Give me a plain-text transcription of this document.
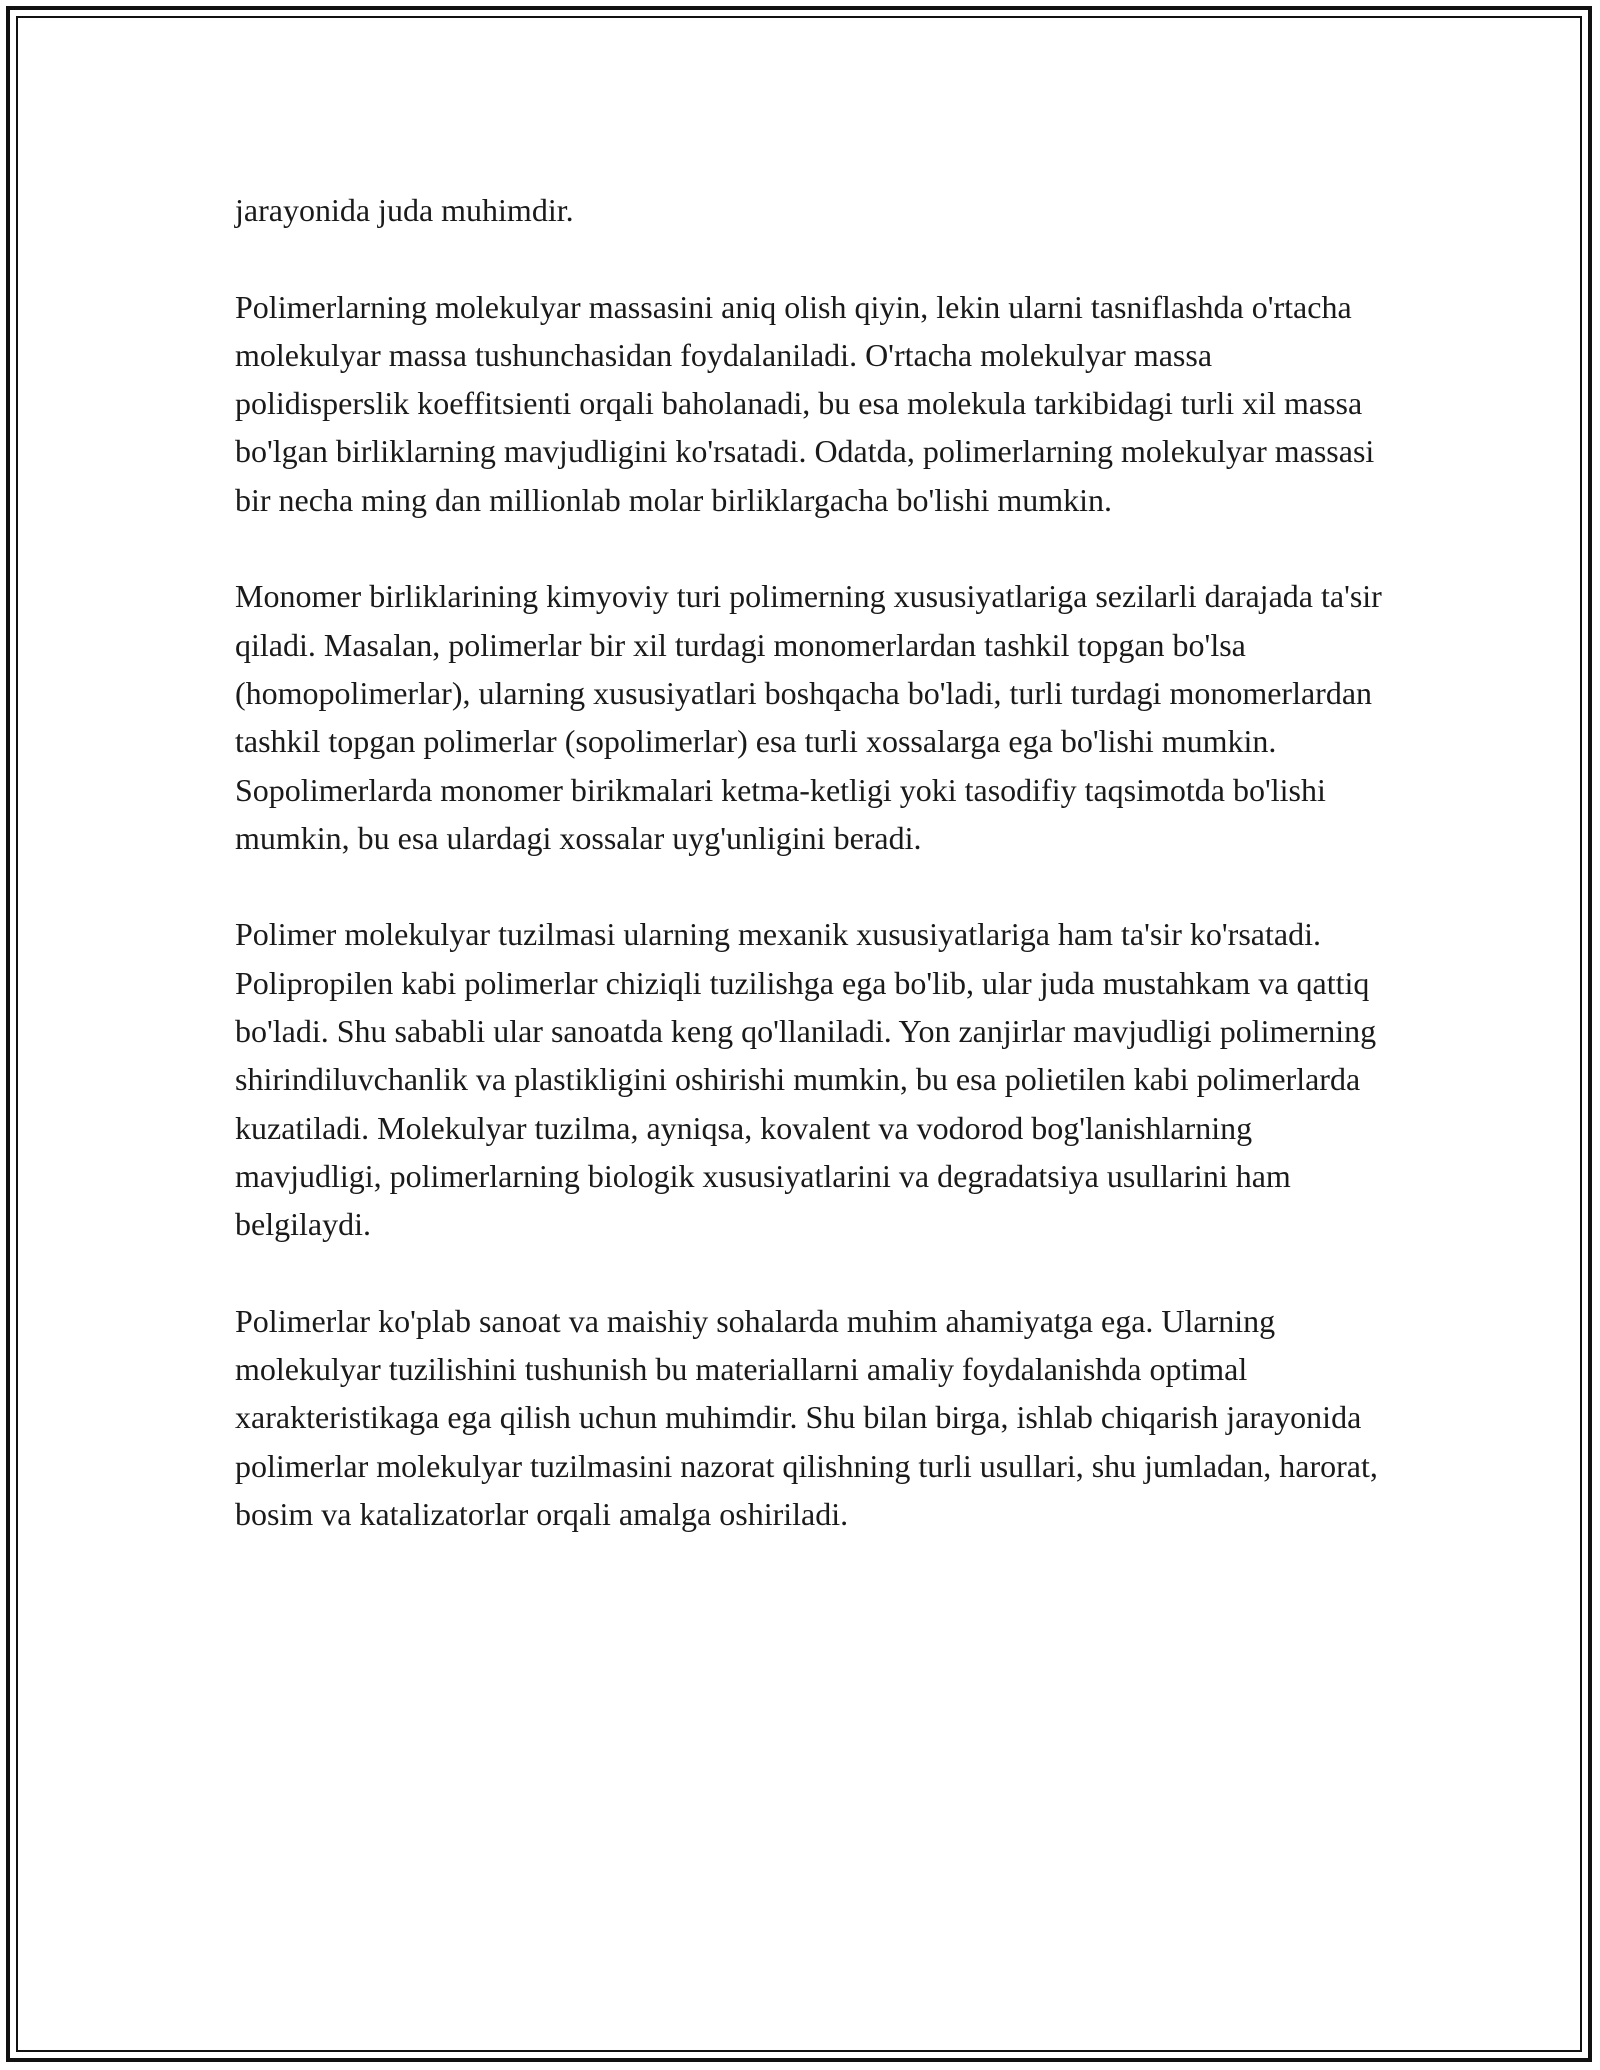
jarayonida juda muhimdir.

Polimerlarning molekulyar massasini aniq olish qiyin, lekin ularni tasniflashda o'rtacha molekulyar massa tushunchasidan foydalaniladi. O'rtacha molekulyar massa polidisperslik koeffitsienti orqali baholanadi, bu esa molekula tarkibidagi turli xil massa bo'lgan birliklarning mavjudligini ko'rsatadi. Odatda, polimerlarning molekulyar massasi bir necha ming dan millionlab molar birliklargacha bo'lishi mumkin.

Monomer birliklarining kimyoviy turi polimerning xususiyatlariga sezilarli darajada ta'sir qiladi. Masalan, polimerlar bir xil turdagi monomerlardan tashkil topgan bo'lsa (homopolimerlar), ularning xususiyatlari boshqacha bo'ladi, turli turdagi monomerlardan tashkil topgan polimerlar (sopolimerlar) esa turli xossalarga ega bo'lishi mumkin. Sopolimerlarda monomer birikmalari ketma-ketligi yoki tasodifiy taqsimotda bo'lishi mumkin, bu esa ulardagi xossalar uyg'unligini beradi.

Polimer molekulyar tuzilmasi ularning mexanik xususiyatlariga ham ta'sir ko'rsatadi. Polipropilen kabi polimerlar chiziqli tuzilishga ega bo'lib, ular juda mustahkam va qattiq bo'ladi. Shu sababli ular sanoatda keng qo'llaniladi. Yon zanjirlar mavjudligi polimerning shirindiluvchanlik va plastikligini oshirishi mumkin, bu esa polietilen kabi polimerlarda kuzatiladi. Molekulyar tuzilma, ayniqsa, kovalent va vodorod bog'lanishlarning mavjudligi, polimerlarning biologik xususiyatlarini va degradatsiya usullarini ham belgilaydi.

Polimerlar ko'plab sanoat va maishiy sohalarda muhim ahamiyatga ega. Ularning molekulyar tuzilishini tushunish bu materiallarni amaliy foydalanishda optimal xarakteristikaga ega qilish uchun muhimdir. Shu bilan birga, ishlab chiqarish jarayonida polimerlar molekulyar tuzilmasini nazorat qilishning turli usullari, shu jumladan, harorat, bosim va katalizatorlar orqali amalga oshiriladi.
